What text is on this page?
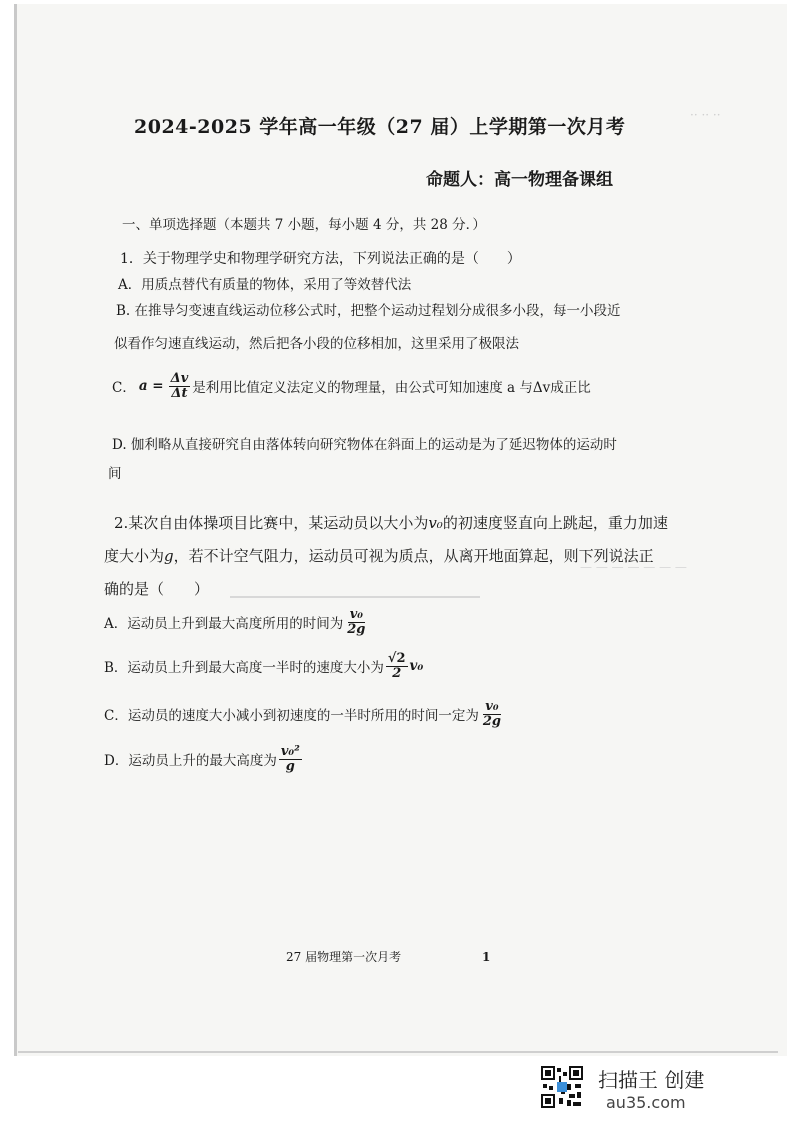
·· ·· ··
— — — — — — —
2024-2025 学年高一年级（27 届）上学期第一次月考
命题人：高一物理备课组
一、单项选择题（本题共 7 小题，每小题 4 分，共 28 分．）
1．关于物理学史和物理学研究方法，下列说法正确的是（　　）
A．用质点替代有质量的物体，采用了等效替代法
B. 在推导匀变速直线运动位移公式时，把整个运动过程划分成很多小段，每一小段近
似看作匀速直线运动，然后把各小段的位移相加，这里采用了极限法
C． $a = \frac{\Delta v}{\Delta t}$ 是利用比值定义法定义的物理量，由公式可知加速度 a 与Δv成正比
D. 伽利略从直接研究自由落体转向研究物体在斜面上的运动是为了延迟物体的运动时
间
2.某次自由体操项目比赛中，某运动员以大小为v₀的初速度竖直向上跳起，重力加速
度大小为g，若不计空气阻力，运动员可视为质点，从离开地面算起，则下列说法正
确的是（　　）
A．运动员上升到最大高度所用的时间为 $\frac{\text{v₀}}{2g}$
B．运动员上升到最大高度一半时的速度大小为 $\frac{√2}{2} v_0$
C．运动员的速度大小减小到初速度的一半时所用的时间一定为 $\frac{\text{v₀}}{2g}$
D．运动员上升的最大高度为 $\frac{\text{v₀²}}{g}$
27 届物理第一次月考	1
扫描王 创建
au35.com
